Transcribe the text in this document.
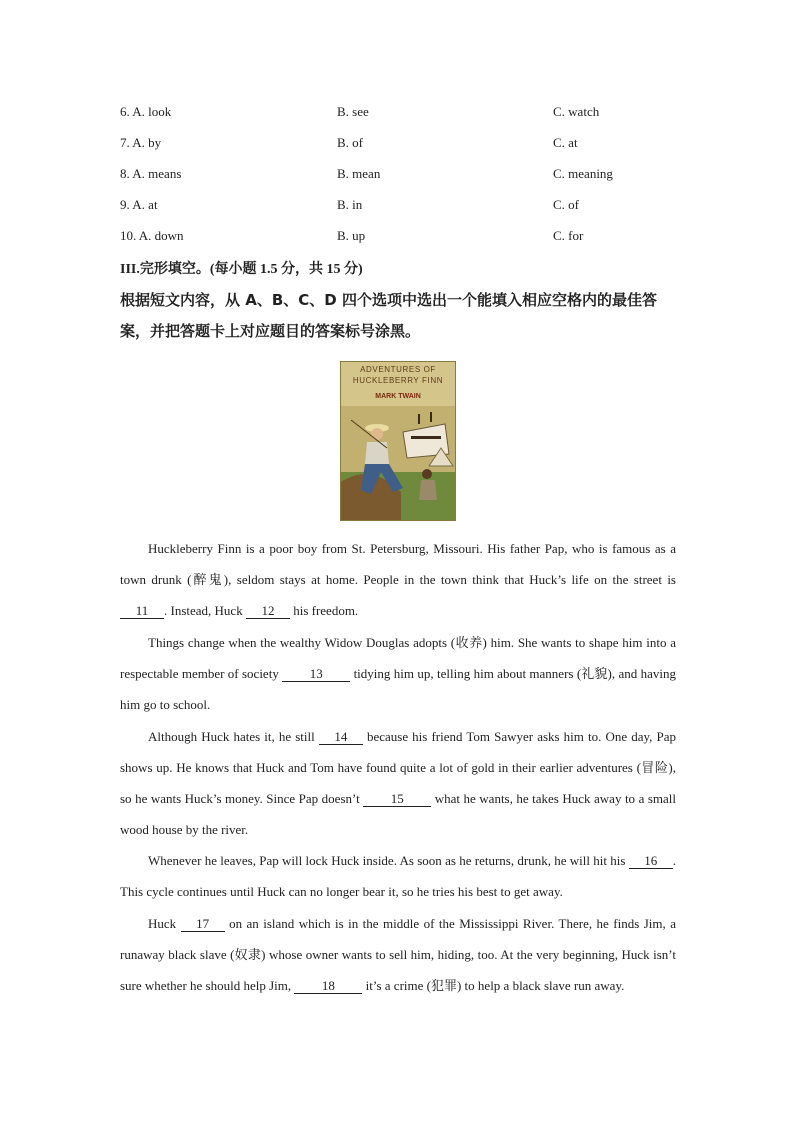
6. A. look	B. see	C. watch
7. A. by	B. of	C. at
8. A. means	B. mean	C. meaning
9. A. at	B. in	C. of
10. A. down	B. up	C. for
III.完形填空。(每小题 1.5 分，共 15 分)
根据短文内容，从 A、B、C、D 四个选项中选出一个能填入相应空格内的最佳答案，并把答题卡上对应题目的答案标号涂黑。
ADVENTURES OF
HUCKLEBERRY FINN
MARK TWAIN
Huckleberry Finn is a poor boy from St. Petersburg, Missouri. His father Pap, who is famous as a town drunk (醉鬼), seldom stays at home. People in the town think that Huck’s life on the street is 11 . Instead, Huck 12 his freedom.
Things change when the wealthy Widow Douglas adopts (收养) him. She wants to shape him into a respectable member of society 13 tidying him up, telling him about manners (礼貌), and having him go to school.
Although Huck hates it, he still 14 because his friend Tom Sawyer asks him to. One day, Pap shows up. He knows that Huck and Tom have found quite a lot of gold in their earlier adventures (冒险), so he wants Huck’s money. Since Pap doesn’t 15 what he wants, he takes Huck away to a small wood house by the river.
Whenever he leaves, Pap will lock Huck inside. As soon as he returns, drunk, he will hit his 16 . This cycle continues until Huck can no longer bear it, so he tries his best to get away.
Huck 17 on an island which is in the middle of the Mississippi River. There, he finds Jim, a runaway black slave (奴隶) whose owner wants to sell him, hiding, too. At the very beginning, Huck isn’t sure whether he should help Jim, 18 it’s a crime (犯罪) to help a black slave run away.
